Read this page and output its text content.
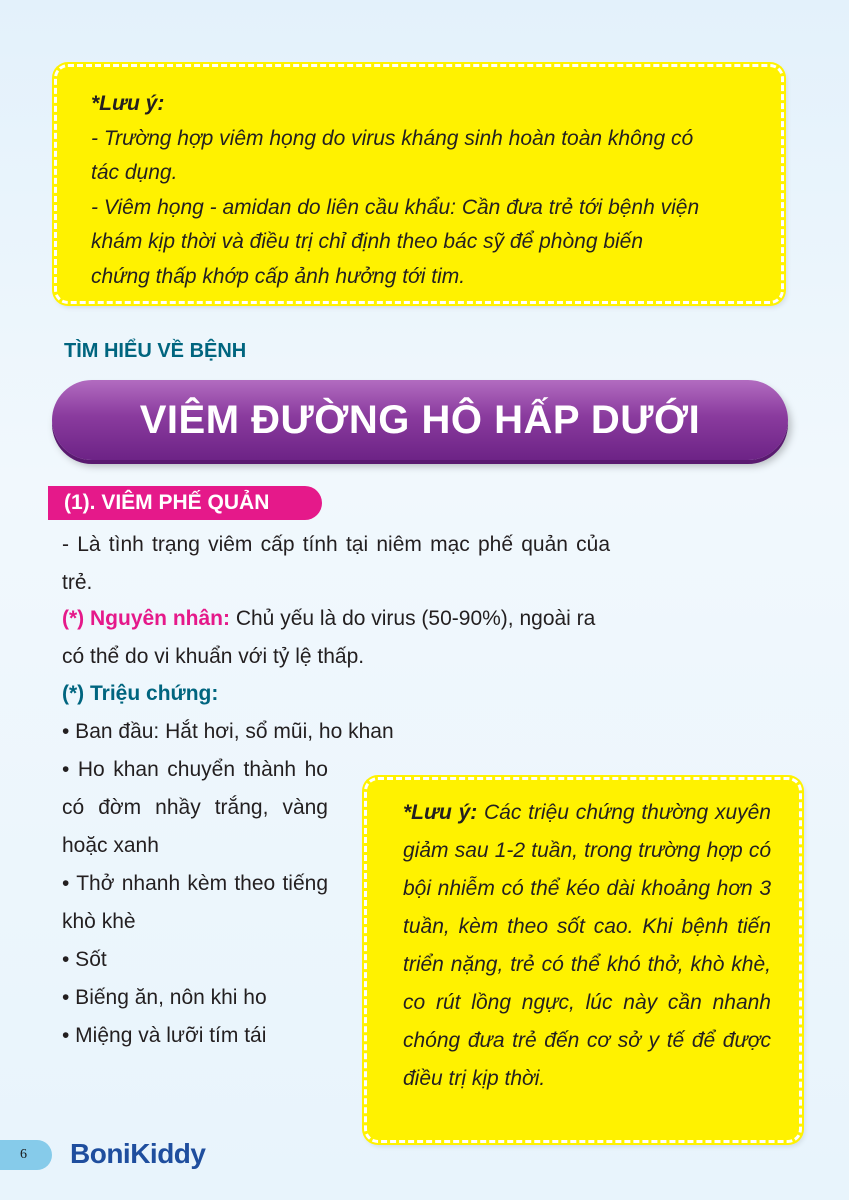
*Lưu ý:
- Trường hợp viêm họng do virus kháng sinh hoàn toàn không có
tác dụng.
- Viêm họng - amidan do liên cầu khẩu: Cần đưa trẻ tới bệnh viện
khám kịp thời và điều trị chỉ định theo bác sỹ để phòng biến
chứng thấp khớp cấp ảnh hưởng tới tim.
TÌM HIỂU VỀ BỆNH
VIÊM ĐƯỜNG HÔ HẤP DƯỚI
(1). VIÊM PHẾ QUẢN
- Là tình trạng viêm cấp tính tại niêm mạc phế quản của trẻ.
(*) Nguyên nhân: Chủ yếu là do virus (50-90%), ngoài ra có thể do vi khuẩn với tỷ lệ thấp.
(*) Triệu chứng:

• Ban đầu: Hắt hơi, sổ mũi, ho khan

• Ho khan chuyển thành ho có đờm nhầy trắng, vàng hoặc xanh

• Thở nhanh kèm theo tiếng khò khè

• Sốt

• Biếng ăn, nôn khi ho

• Miệng và lưỡi tím tái

*Lưu ý: Các triệu chứng thường xuyên giảm sau 1-2 tuần, trong trường hợp có bội nhiễm có thể kéo dài khoảng hơn 3 tuần, kèm theo sốt cao. Khi bệnh tiến triển nặng, trẻ có thể khó thở, khò khè, co rút lồng ngực, lúc này cần nhanh chóng đưa trẻ đến cơ sở y tế để được điều trị kịp thời.

6 BoniKiddy
